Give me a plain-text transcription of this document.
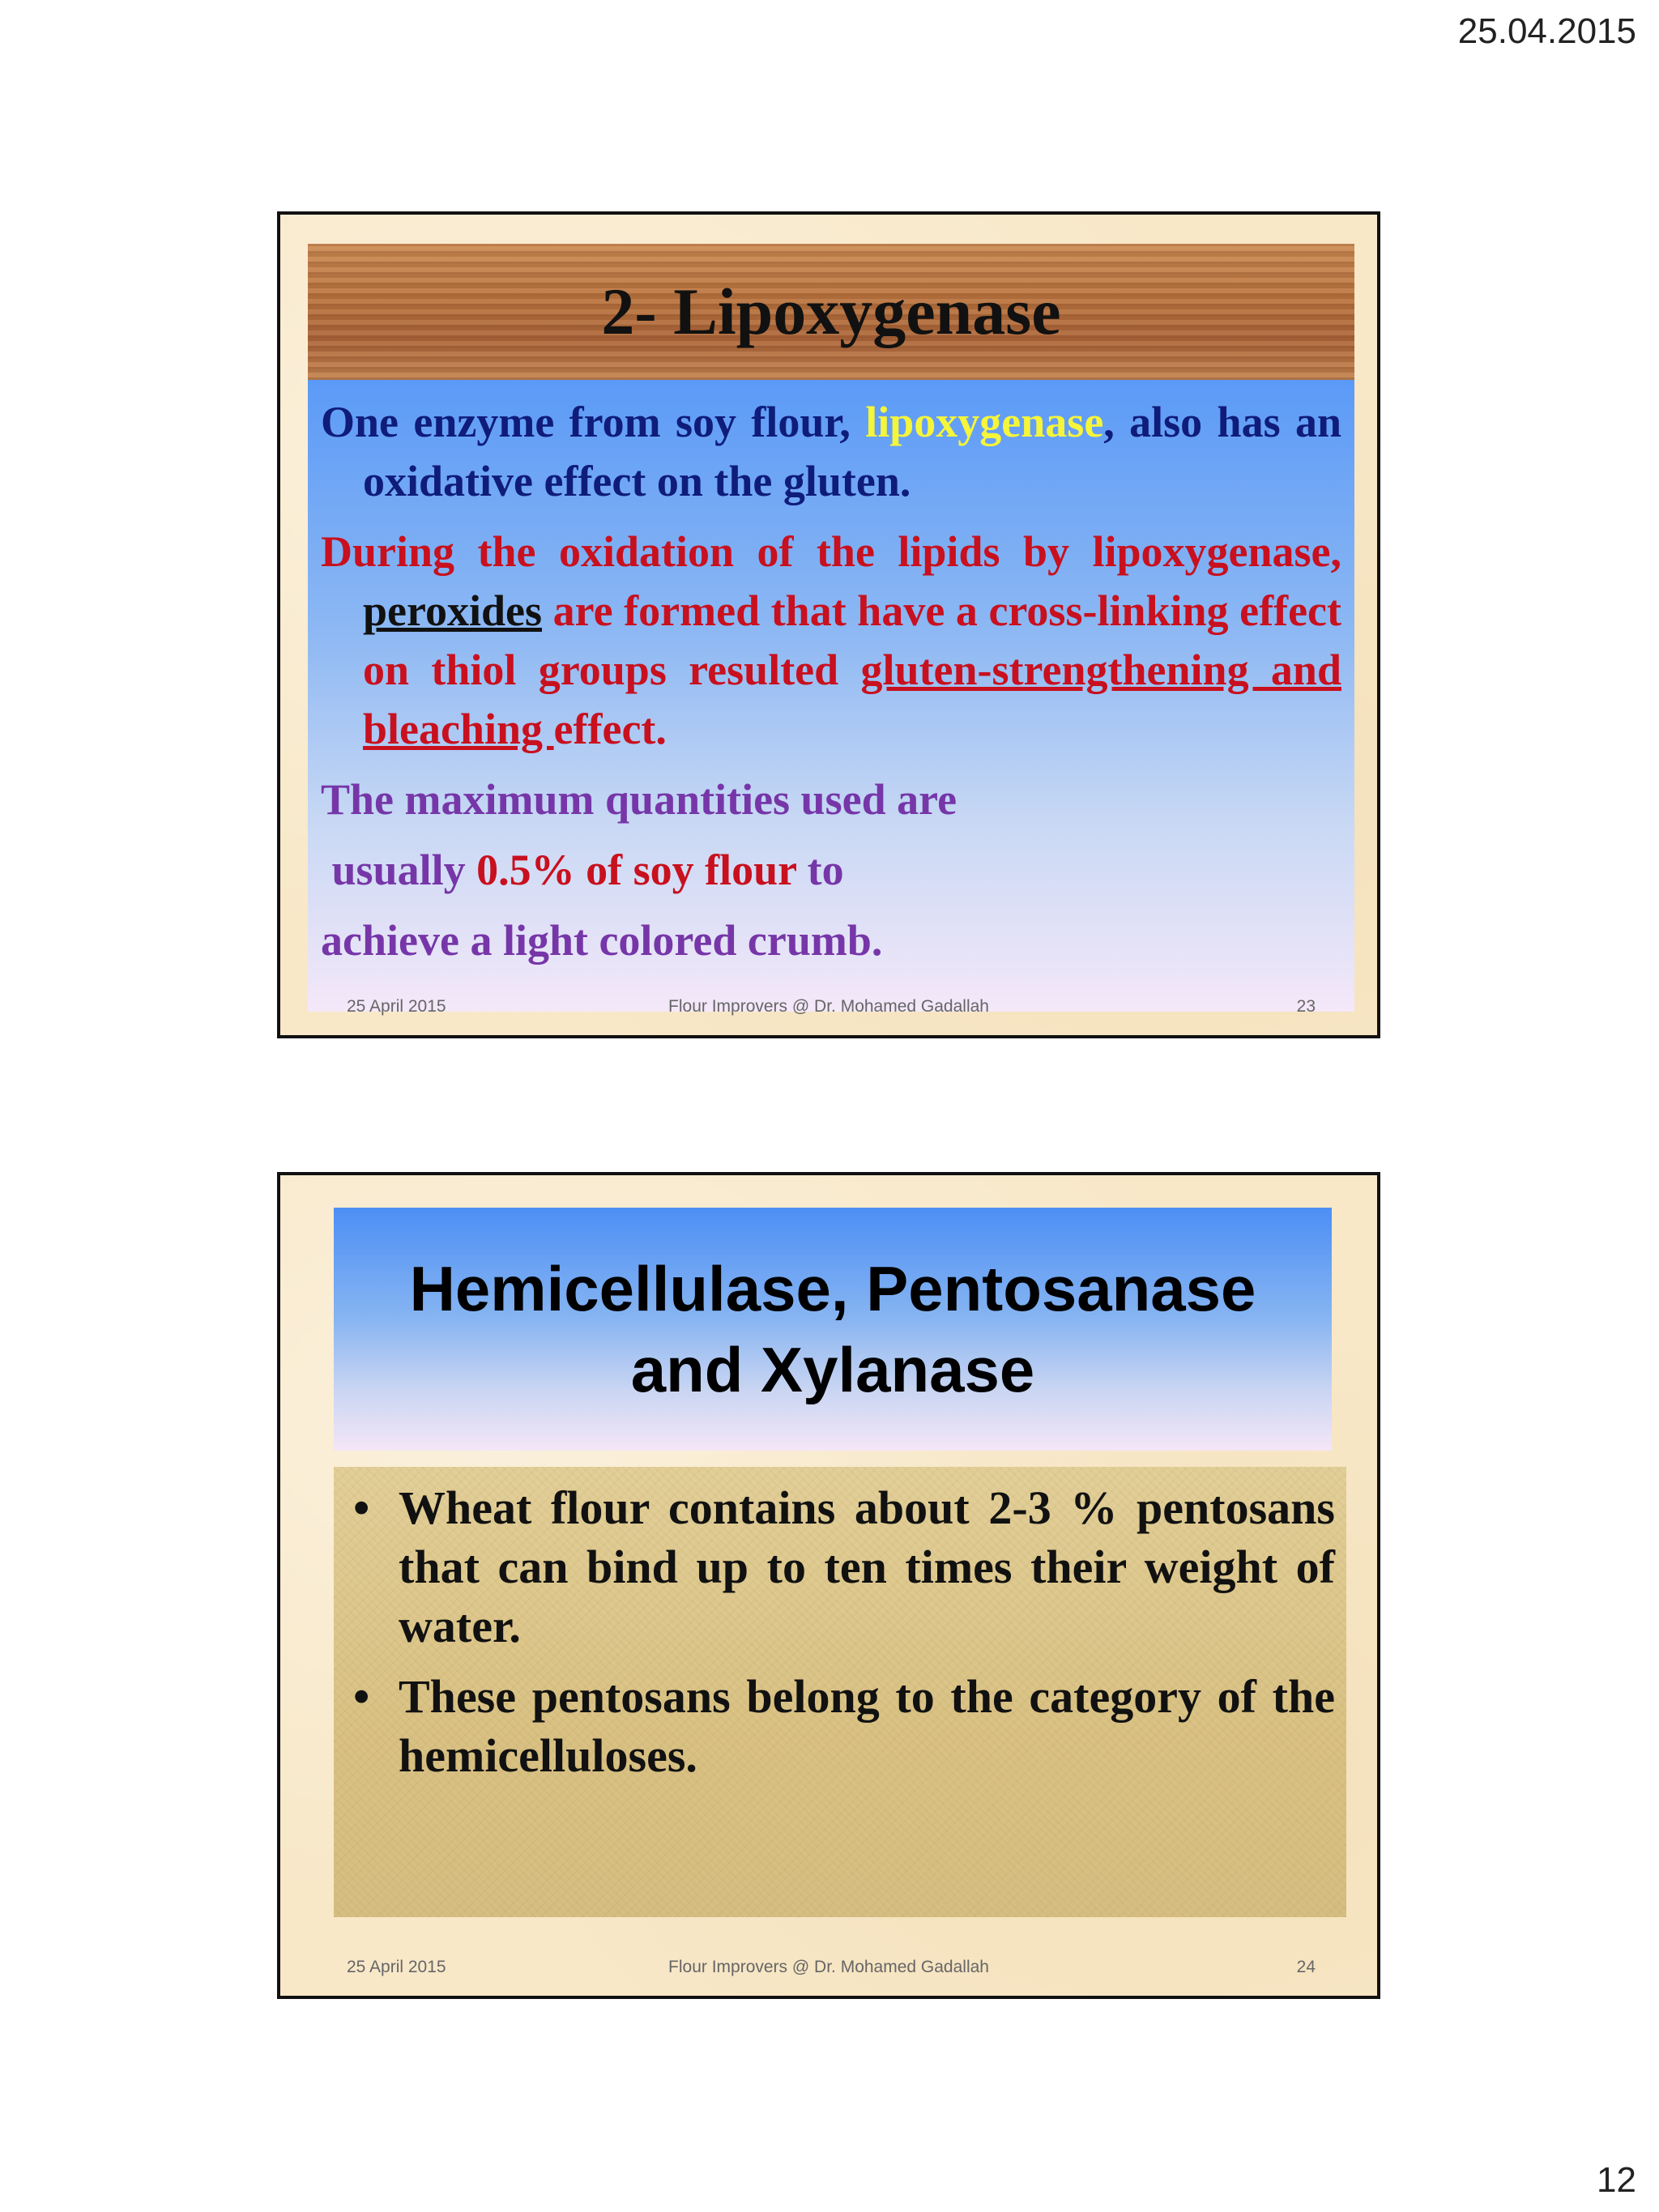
25.04.2015
2- Lipoxygenase

One enzyme from soy flour, lipoxygenase, also has an oxidative effect on the gluten.

During the oxidation of the lipids by lipoxygenase, peroxides are formed that have a cross-linking effect on thiol groups resulted gluten-strengthening and bleaching effect.

The maximum quantities used are

usually 0.5% of soy flour to

achieve a light colored crumb.

25 April 2015	Flour Improvers @ Dr. Mohamed Gadallah	23
Hemicellulase, Pentosanase
and Xylanase

• Wheat flour contains about 2-3 % pentosans that can bind up to ten times their weight of water.

• These pentosans belong to the category of the hemicelluloses.

25 April 2015	Flour Improvers @ Dr. Mohamed Gadallah	24
12
